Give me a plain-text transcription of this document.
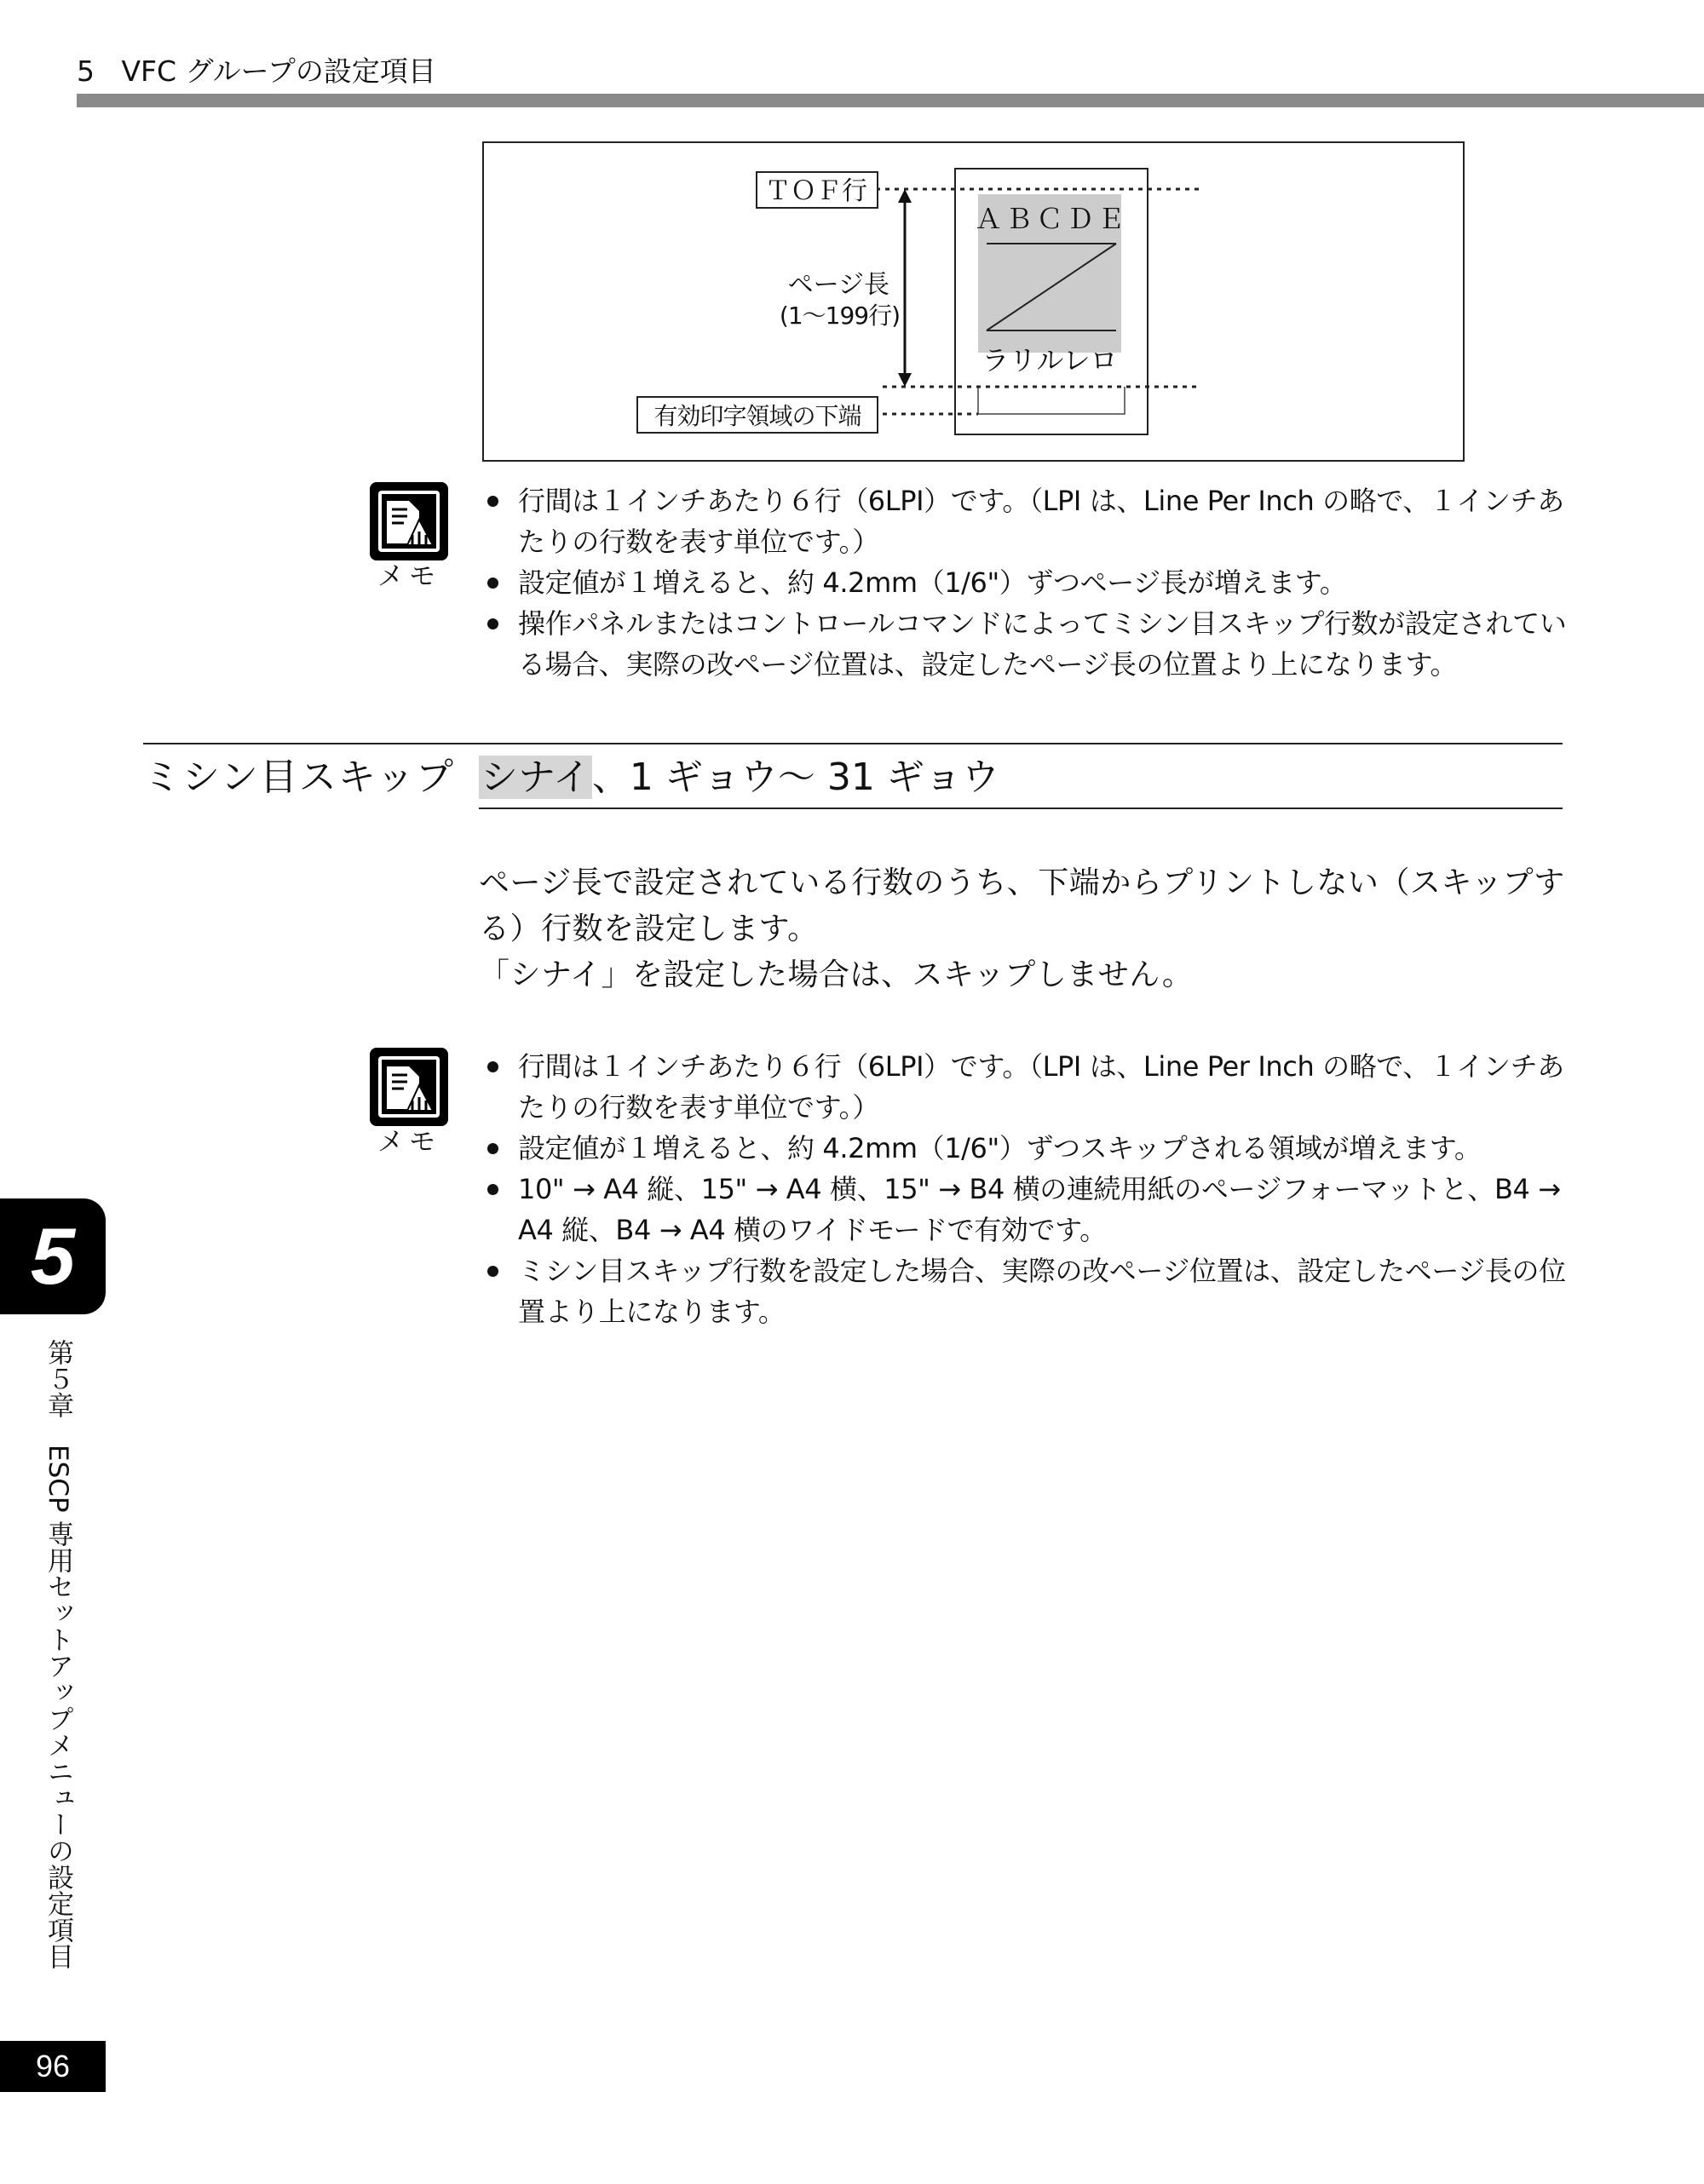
5 VFC グループの設定項目
ＴＯＦ行
ページ長
(1～199行)
ＡＢＣＤＥ
ラリルレロ
有効印字領域の下端
メモ
行間は１インチあたり６行（6LPI）です。（LPI は、Line Per Inch の略で、１インチあたりの行数を表す単位です。）
設定値が１増えると、約 4.2mm（1/6"）ずつページ長が増えます。
操作パネルまたはコントロールコマンドによってミシン目スキップ行数が設定されている場合、実際の改ページ位置は、設定したページ長の位置より上になります。
ミシン目スキップ シナイ、1 ギョウ～ 31 ギョウ

ページ長で設定されている行数のうち、下端からプリントしない（スキップする）行数を設定します。

「シナイ」を設定した場合は、スキップしません。

メモ
行間は１インチあたり６行（6LPI）です。（LPI は、Line Per Inch の略で、１インチあたりの行数を表す単位です。）
設定値が１増えると、約 4.2mm（1/6"）ずつスキップされる領域が増えます。
10" → A4 縦、15" → A4 横、15" → B4 横の連続用紙のページフォーマットと、B4 → A4 縦、B4 → A4 横のワイドモードで有効です。
ミシン目スキップ行数を設定した場合、実際の改ページ位置は、設定したページ長の位置より上になります。
5
第５章　ESCP 専用セットアップメニューの設定項目
96
